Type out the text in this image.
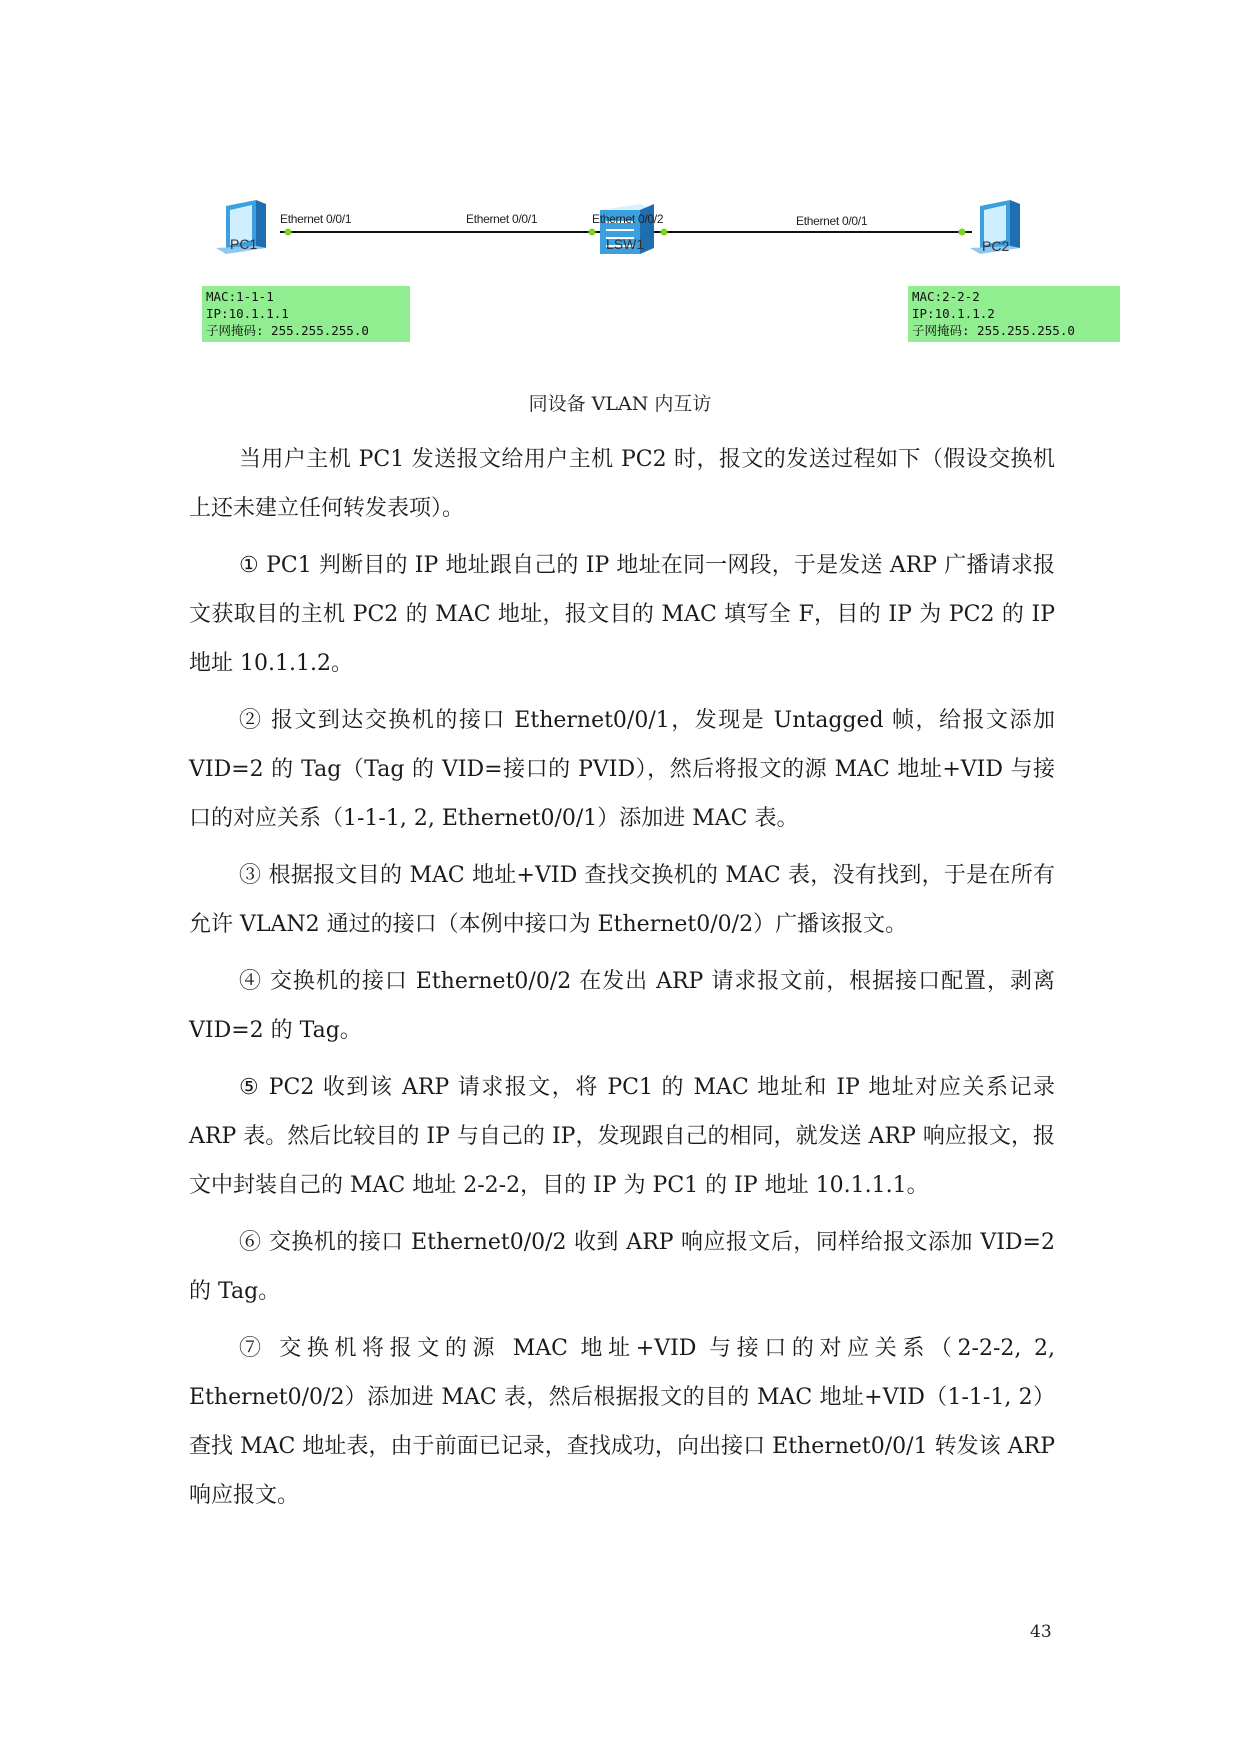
Ethernet 0/0/1	Ethernet 0/0/1	Ethernet 0/0/2	Ethernet 0/0/1
PC1	LSW1	PC2
MAC:1-1-1
IP:10.1.1.1
子网掩码: 255.255.255.0
MAC:2-2-2
IP:10.1.1.2
子网掩码: 255.255.255.0
同设备 VLAN 内互访

当用户主机 PC1 发送报文给用户主机 PC2 时，报文的发送过程如下（假设交换机上还未建立任何转发表项）。

① PC1 判断目的 IP 地址跟自己的 IP 地址在同一网段，于是发送 ARP 广播请求报文获取目的主机 PC2 的 MAC 地址，报文目的 MAC 填写全 F，目的 IP 为 PC2 的 IP 地址 10.1.1.2。

② 报文到达交换机的接口 Ethernet0/0/1，发现是 Untagged 帧，给报文添加 VID=2 的 Tag（Tag 的 VID=接口的 PVID），然后将报文的源 MAC 地址+VID 与接口的对应关系（1-1-1, 2, Ethernet0/0/1）添加进 MAC 表。

③ 根据报文目的 MAC 地址+VID 查找交换机的 MAC 表，没有找到，于是在所有允许 VLAN2 通过的接口（本例中接口为 Ethernet0/0/2）广播该报文。

④ 交换机的接口 Ethernet0/0/2 在发出 ARP 请求报文前，根据接口配置，剥离 VID=2 的 Tag。

⑤ PC2 收到该 ARP 请求报文，将 PC1 的 MAC 地址和 IP 地址对应关系记录 ARP 表。然后比较目的 IP 与自己的 IP，发现跟自己的相同，就发送 ARP 响应报文，报文中封装自己的 MAC 地址 2-2-2，目的 IP 为 PC1 的 IP 地址 10.1.1.1。

⑥ 交换机的接口 Ethernet0/0/2 收到 ARP 响应报文后，同样给报文添加 VID=2 的 Tag。

⑦ 交换机将报文的源 MAC 地址+VID 与接口的对应关系（2-2-2, 2, Ethernet0/0/2）添加进 MAC 表，然后根据报文的目的 MAC 地址+VID（1-1-1, 2）查找 MAC 地址表，由于前面已记录，查找成功，向出接口 Ethernet0/0/1 转发该 ARP 响应报文。

43
